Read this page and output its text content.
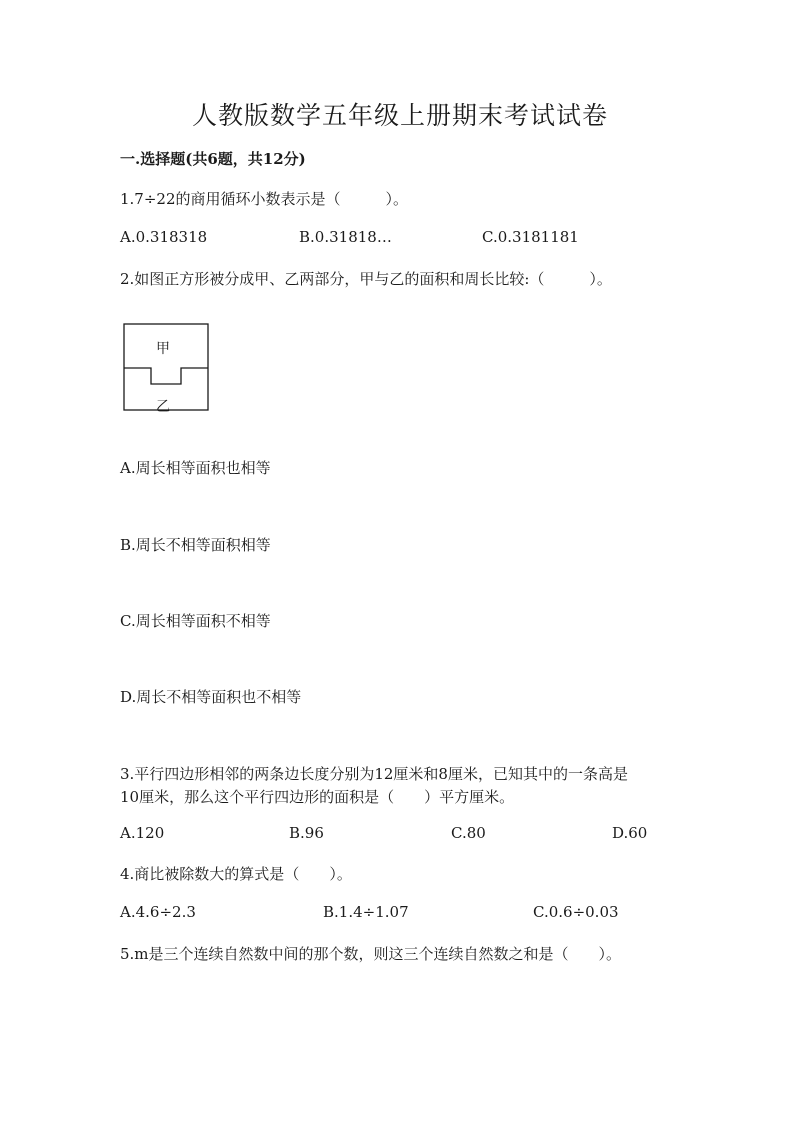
人教版数学五年级上册期末考试试卷
一.选择题(共6题，共12分)
1.7÷22的商用循环小数表示是（　　　）。
A.0.318318	B.0.31818…	C.0.3181181
2.如图正方形被分成甲、乙两部分，甲与乙的面积和周长比较:（　　　）。
甲
乙
A.周长相等面积也相等
B.周长不相等面积相等
C.周长相等面积不相等
D.周长不相等面积也不相等
3.平行四边形相邻的两条边长度分别为12厘米和8厘米，已知其中的一条高是
10厘米，那么这个平行四边形的面积是（　　）平方厘米。
A.120	B.96	C.80	D.60
4.商比被除数大的算式是（　　）。
A.4.6÷2.3	B.1.4÷1.07	C.0.6÷0.03
5.m是三个连续自然数中间的那个数，则这三个连续自然数之和是（　　）。
